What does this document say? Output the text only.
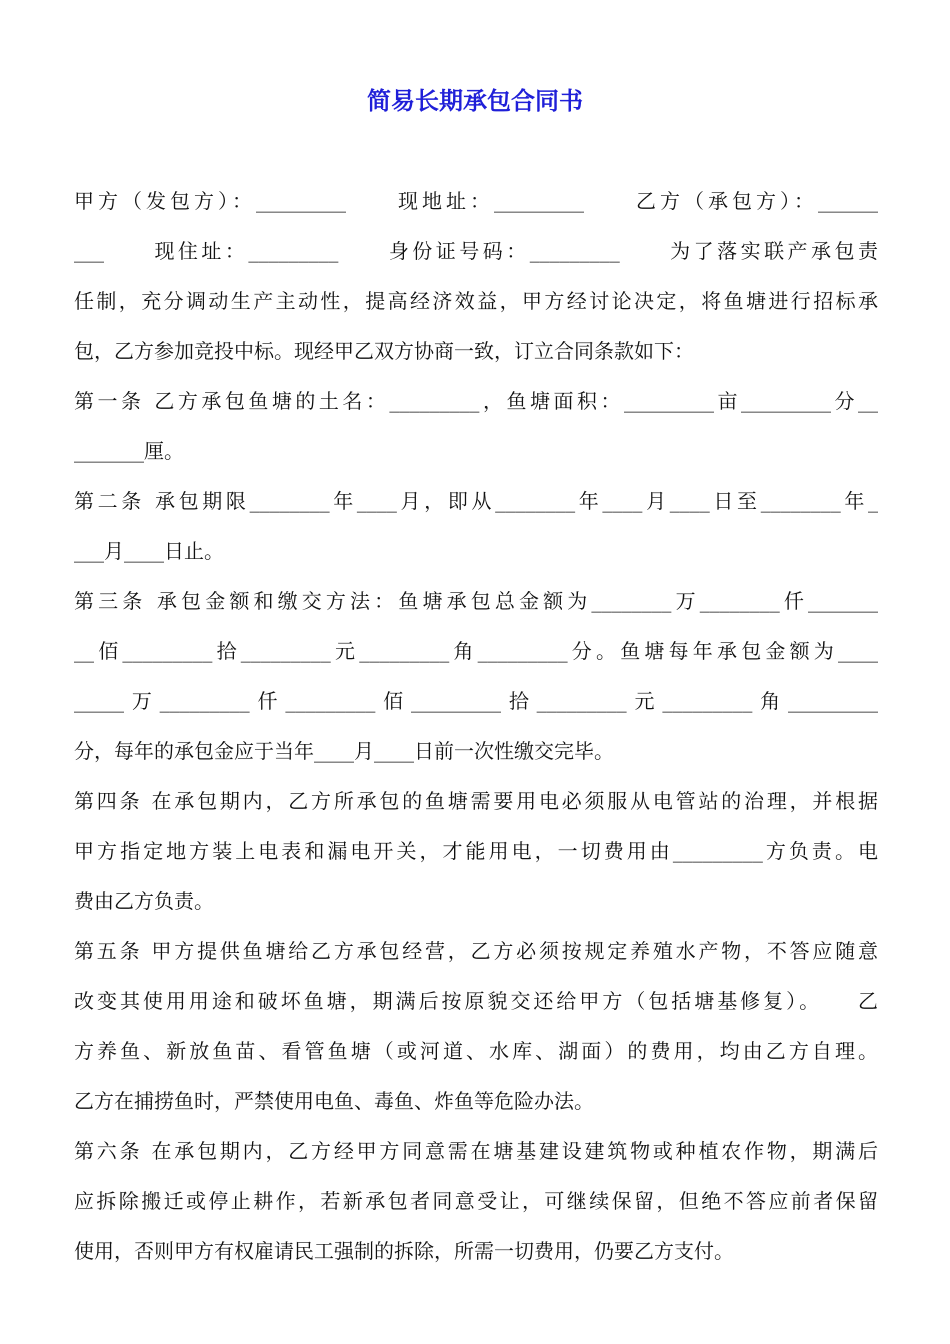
简易长期承包合同书
甲方（发包方）：_________　　现地址：_________　　乙方（承包方）：______
___　　现住址：_________　　身份证号码：_________　　为了落实联产承包责
任制，充分调动生产主动性，提高经济效益，甲方经讨论决定，将鱼塘进行招标承
包，乙方参加竞投中标。现经甲乙双方协商一致，订立合同条款如下：
第一条 乙方承包鱼塘的土名：_________，鱼塘面积：_________亩_________分__
_______厘。
第二条 承包期限________年____月，即从________年____月____日至________年_
___月____日止。
第三条 承包金额和缴交方法：鱼塘承包总金额为________万________仟_______
__佰_________拾_________元_________角_________分。鱼塘每年承包金额为____
_____万_________仟_________佰_________拾_________元_________角_________
分，每年的承包金应于当年____月____日前一次性缴交完毕。
第四条 在承包期内，乙方所承包的鱼塘需要用电必须服从电管站的治理，并根据
甲方指定地方装上电表和漏电开关，才能用电，一切费用由_________方负责。电
费由乙方负责。
第五条 甲方提供鱼塘给乙方承包经营，乙方必须按规定养殖水产物，不答应随意
改变其使用用途和破坏鱼塘，期满后按原貌交还给甲方（包括塘基修复）。　　乙
方养鱼、新放鱼苗、看管鱼塘（或河道、水库、湖面）的费用，均由乙方自理。
乙方在捕捞鱼时，严禁使用电鱼、毒鱼、炸鱼等危险办法。
第六条 在承包期内，乙方经甲方同意需在塘基建设建筑物或种植农作物，期满后
应拆除搬迁或停止耕作，若新承包者同意受让，可继续保留，但绝不答应前者保留
使用，否则甲方有权雇请民工强制的拆除，所需一切费用，仍要乙方支付。
